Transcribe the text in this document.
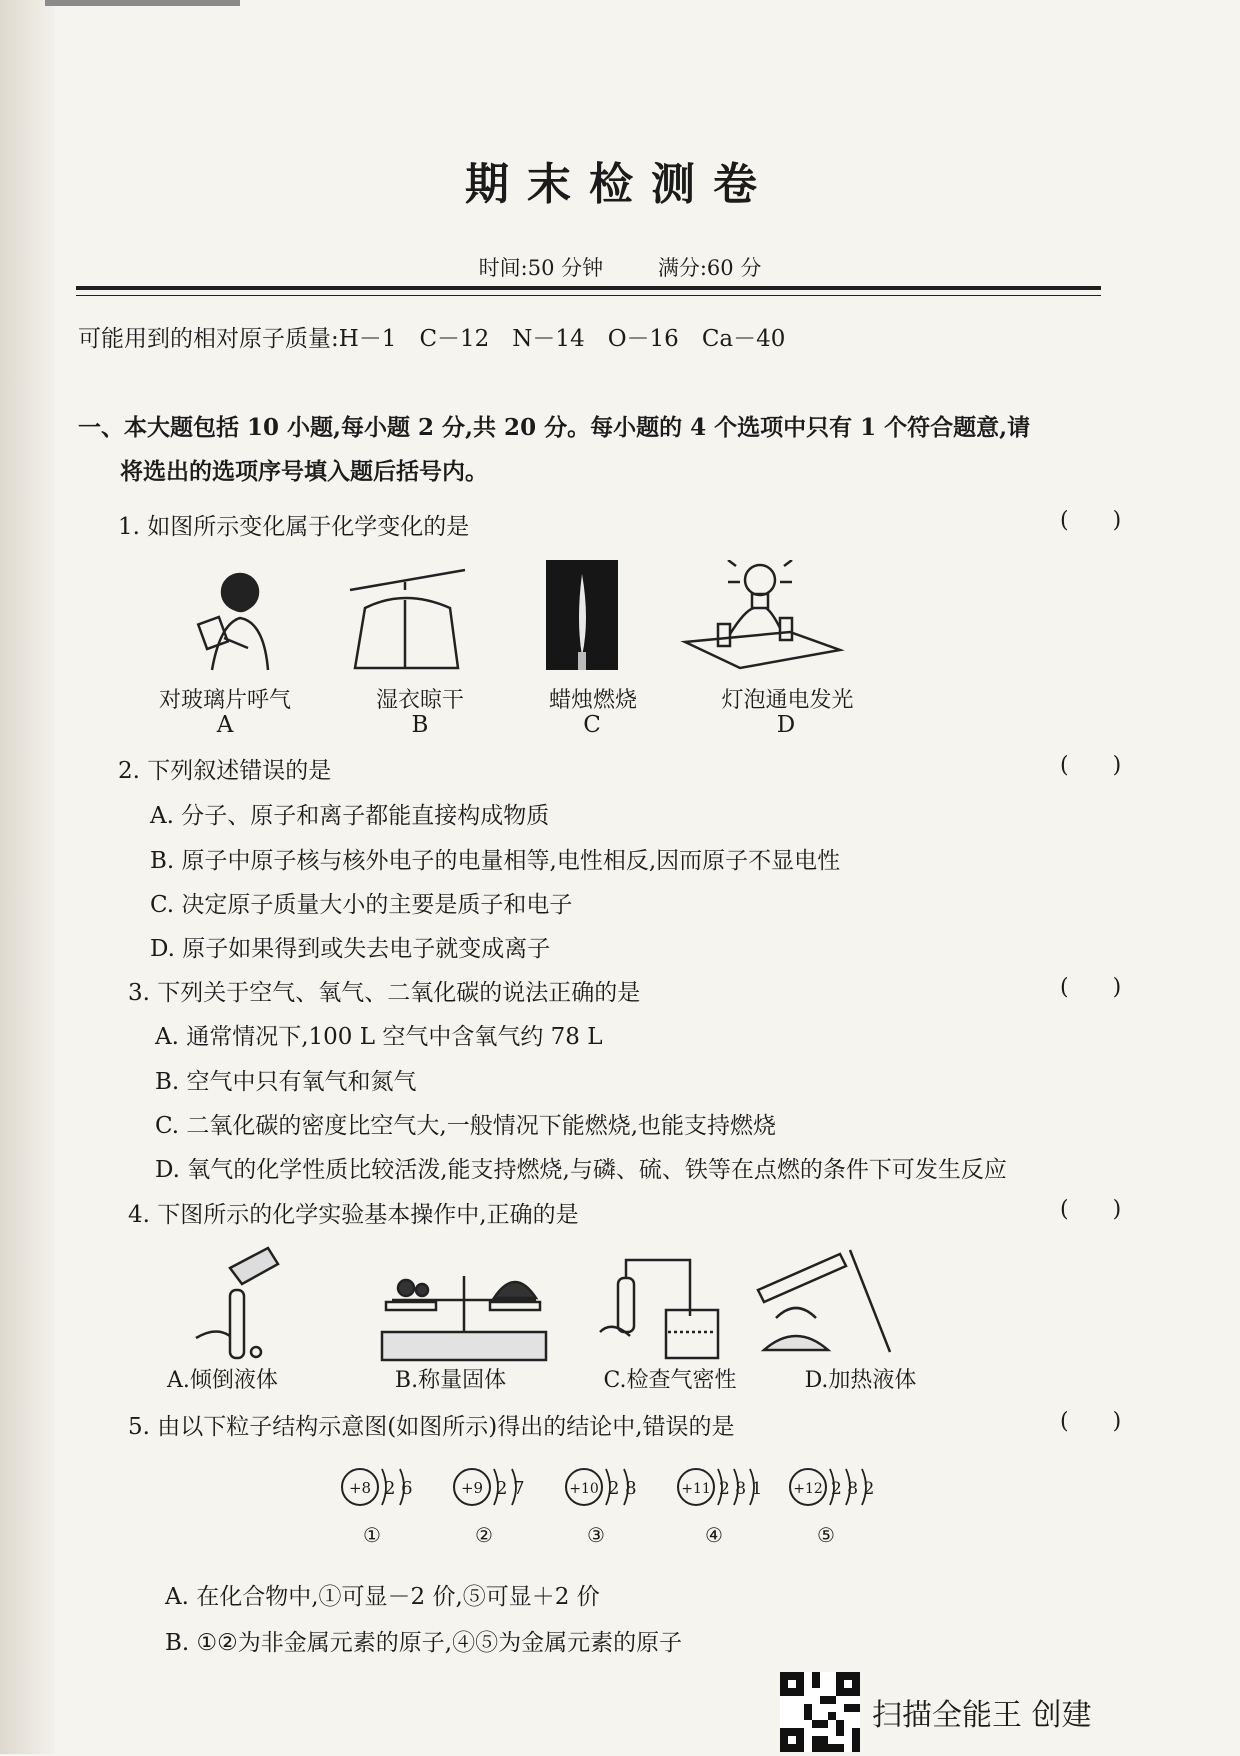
期末检测卷
时间:50 分钟	满分:60 分
可能用到的相对原子质量:H－1　C－12　N－14　O－16　Ca－40
一、本大题包括 10 小题,每小题 2 分,共 20 分。每小题的 4 个选项中只有 1 个符合题意,请
将选出的选项序号填入题后括号内。
1. 如图所示变化属于化学变化的是	(　　)
对玻璃片呼气	湿衣晾干	蜡烛燃烧	灯泡通电发光
A	B	C	D
2. 下列叙述错误的是	(　　)
A. 分子、原子和离子都能直接构成物质
B. 原子中原子核与核外电子的电量相等,电性相反,因而原子不显电性
C. 决定原子质量大小的主要是质子和电子
D. 原子如果得到或失去电子就变成离子
3. 下列关于空气、氧气、二氧化碳的说法正确的是	(　　)
A. 通常情况下,100 L 空气中含氧气约 78 L
B. 空气中只有氧气和氮气
C. 二氧化碳的密度比空气大,一般情况下能燃烧,也能支持燃烧
D. 氧气的化学性质比较活泼,能支持燃烧,与磷、硫、铁等在点燃的条件下可发生反应
4. 下图所示的化学实验基本操作中,正确的是	(　　)
A.倾倒液体	B.称量固体	C.检查气密性	D.加热液体
5. 由以下粒子结构示意图(如图所示)得出的结论中,错误的是	(　　)
+8 2 6
①
+9 2 7
②
+10 2 8
③
+11 2 8 1
④
+12 2 8 2
⑤
A. 在化合物中,①可显－2 价,⑤可显＋2 价
B. ①②为非金属元素的原子,④⑤为金属元素的原子
扫描全能王 创建
